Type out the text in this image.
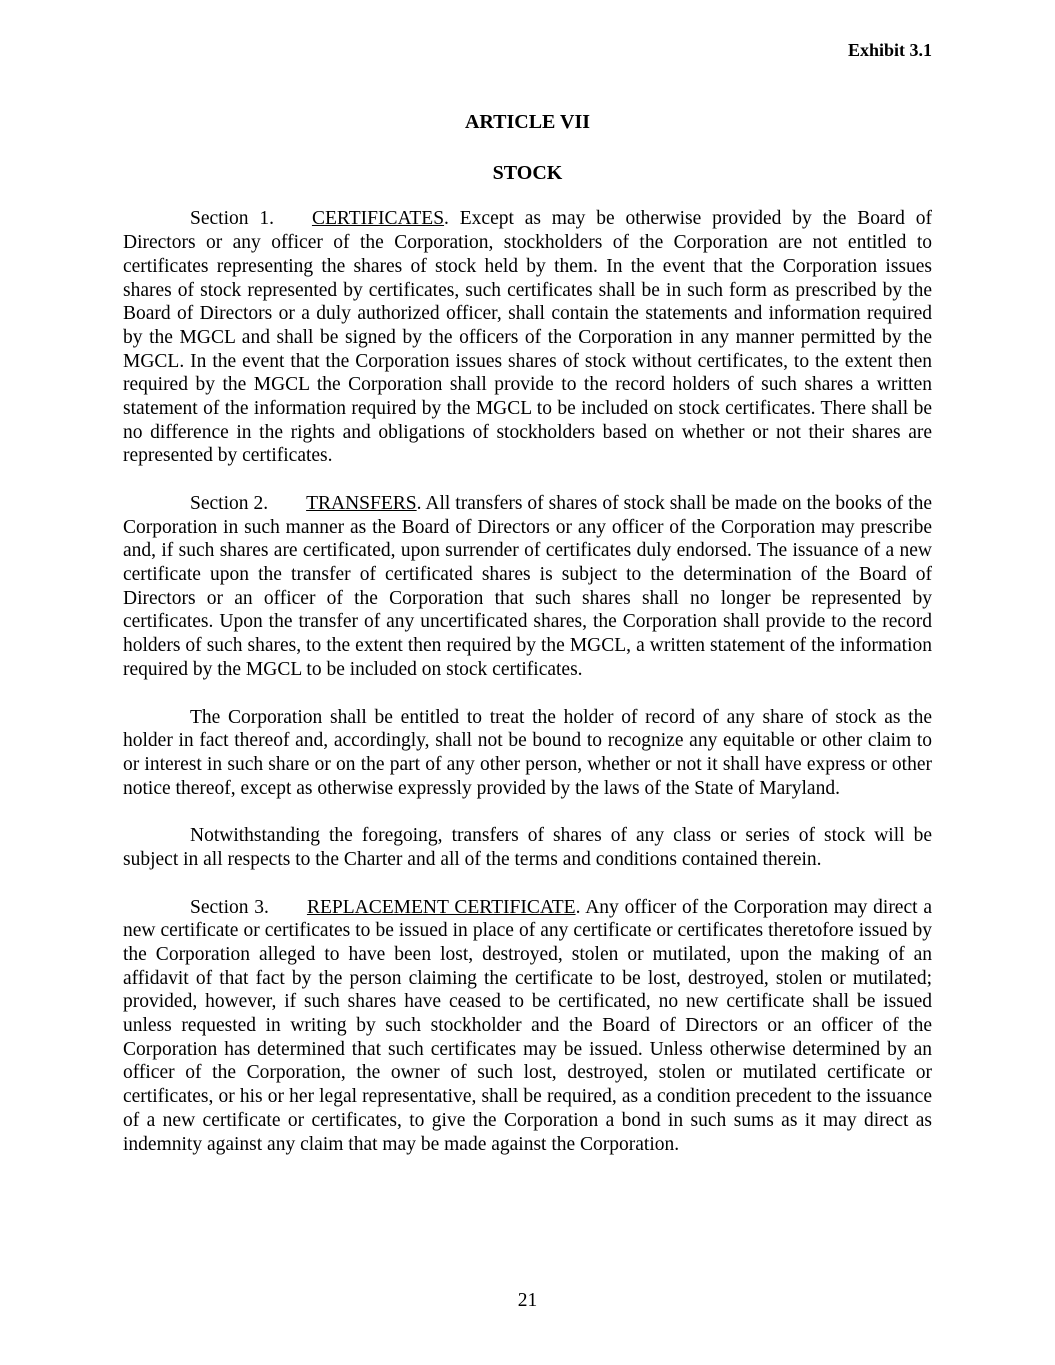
Exhibit 3.1

ARTICLE VII
STOCK

Section 1. CERTIFICATES. Except as may be otherwise provided by the Board of Directors or any officer of the Corporation, stockholders of the Corporation are not entitled to certificates representing the shares of stock held by them. In the event that the Corporation issues shares of stock represented by certificates, such certificates shall be in such form as prescribed by the Board of Directors or a duly authorized officer, shall contain the statements and information required by the MGCL and shall be signed by the officers of the Corporation in any manner permitted by the MGCL. In the event that the Corporation issues shares of stock without certificates, to the extent then required by the MGCL the Corporation shall provide to the record holders of such shares a written statement of the information required by the MGCL to be included on stock certificates. There shall be no difference in the rights and obligations of stockholders based on whether or not their shares are represented by certificates.

Section 2. TRANSFERS. All transfers of shares of stock shall be made on the books of the Corporation in such manner as the Board of Directors or any officer of the Corporation may prescribe and, if such shares are certificated, upon surrender of certificates duly endorsed. The issuance of a new certificate upon the transfer of certificated shares is subject to the determination of the Board of Directors or an officer of the Corporation that such shares shall no longer be represented by certificates. Upon the transfer of any uncertificated shares, the Corporation shall provide to the record holders of such shares, to the extent then required by the MGCL, a written statement of the information required by the MGCL to be included on stock certificates.

The Corporation shall be entitled to treat the holder of record of any share of stock as the holder in fact thereof and, accordingly, shall not be bound to recognize any equitable or other claim to or interest in such share or on the part of any other person, whether or not it shall have express or other notice thereof, except as otherwise expressly provided by the laws of the State of Maryland.

Notwithstanding the foregoing, transfers of shares of any class or series of stock will be subject in all respects to the Charter and all of the terms and conditions contained therein.

Section 3. REPLACEMENT CERTIFICATE. Any officer of the Corporation may direct a new certificate or certificates to be issued in place of any certificate or certificates theretofore issued by the Corporation alleged to have been lost, destroyed, stolen or mutilated, upon the making of an affidavit of that fact by the person claiming the certificate to be lost, destroyed, stolen or mutilated; provided, however, if such shares have ceased to be certificated, no new certificate shall be issued unless requested in writing by such stockholder and the Board of Directors or an officer of the Corporation has determined that such certificates may be issued. Unless otherwise determined by an officer of the Corporation, the owner of such lost, destroyed, stolen or mutilated certificate or certificates, or his or her legal representative, shall be required, as a condition precedent to the issuance of a new certificate or certificates, to give the Corporation a bond in such sums as it may direct as indemnity against any claim that may be made against the Corporation.

21
